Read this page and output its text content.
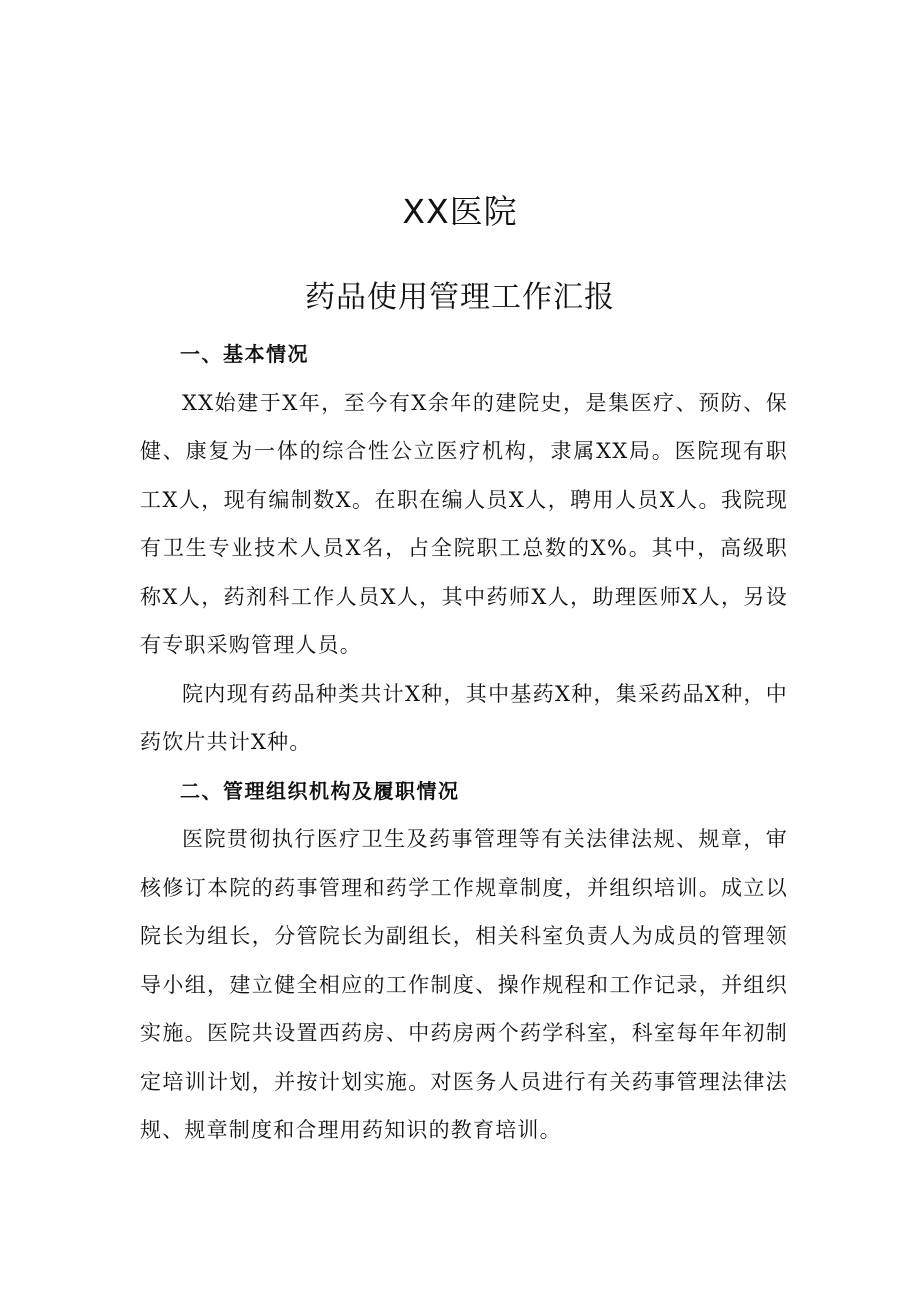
XX医院
药品使用管理工作汇报

一、基本情况

XX始建于X年，至今有X余年的建院史，是集医疗、预防、保健、康复为一体的综合性公立医疗机构，隶属XX局。医院现有职工X人，现有编制数X。在职在编人员X人，聘用人员X人。我院现有卫生专业技术人员X名，占全院职工总数的X%。其中，高级职称X人，药剂科工作人员X人，其中药师X人，助理医师X人，另设有专职采购管理人员。

院内现有药品种类共计X种，其中基药X种，集采药品X种，中药饮片共计X种。

二、管理组织机构及履职情况

医院贯彻执行医疗卫生及药事管理等有关法律法规、规章，审核修订本院的药事管理和药学工作规章制度，并组织培训。成立以院长为组长，分管院长为副组长，相关科室负责人为成员的管理领导小组，建立健全相应的工作制度、操作规程和工作记录，并组织实施。医院共设置西药房、中药房两个药学科室，科室每年年初制定培训计划，并按计划实施。对医务人员进行有关药事管理法律法规、规章制度和合理用药知识的教育培训。
